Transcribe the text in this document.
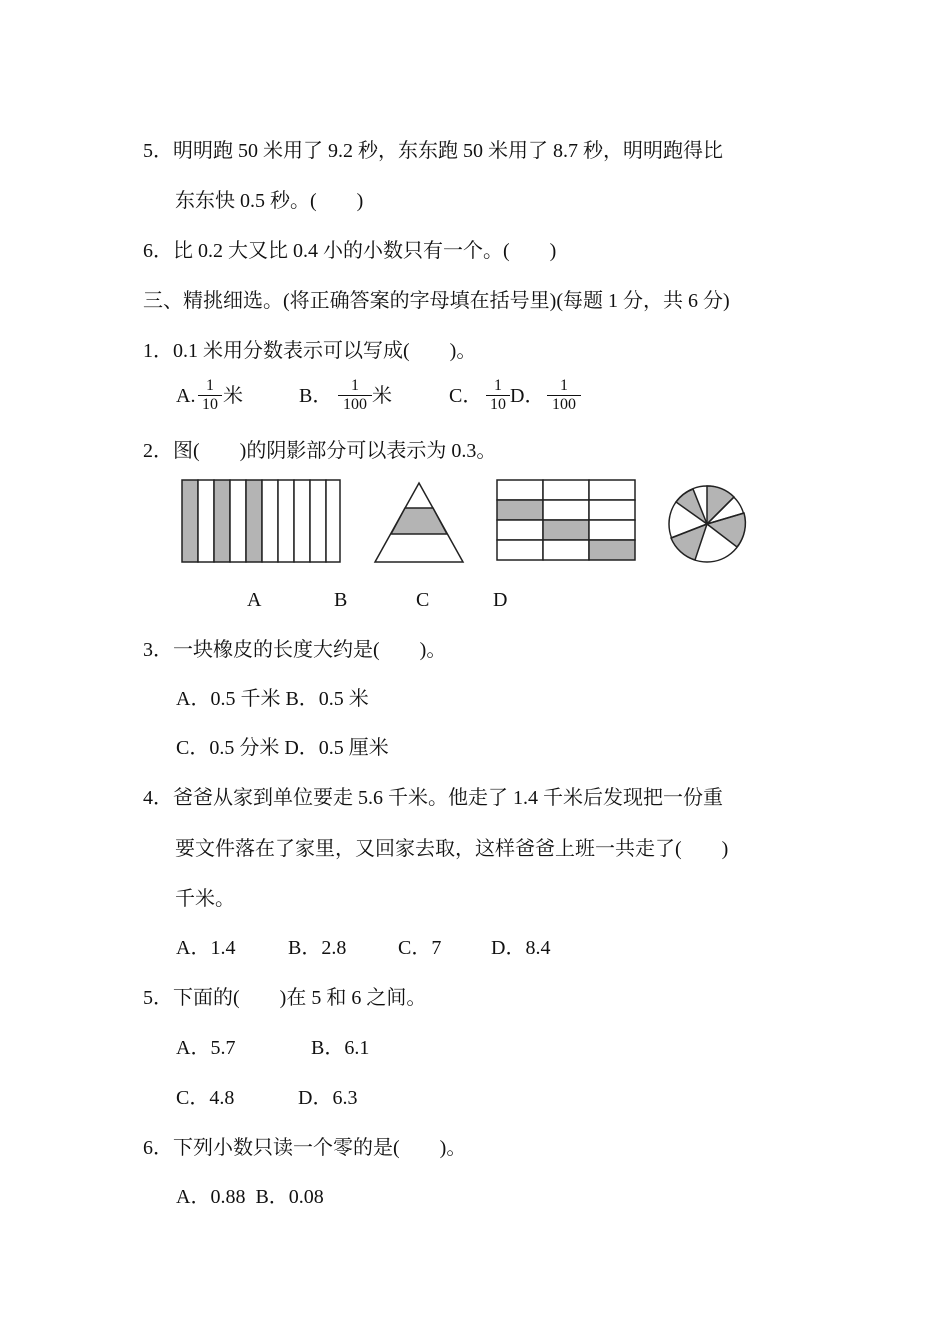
5．明明跑 50 米用了 9.2 秒，东东跑 50 米用了 8.7 秒，明明跑得比
东东快 0.5 秒。(　　)
6．比 0.2 大又比 0.4 小的小数只有一个。(　　)
三、精挑细选。(将正确答案的字母填在括号里)(每题 1 分，共 6 分)
1．0.1 米用分数表示可以写成(　　)。
A. $\frac{1}{10}$ 米	B． $\frac{1}{100}$ 米	C． $\frac{1}{10}$ D． $\frac{1}{100}$
2．图(　　)的阴影部分可以表示为 0.3。
A	B	C	D
3．一块橡皮的长度大约是(　　)。
A．0.5 千米 B．0.5 米
C．0.5 分米 D．0.5 厘米
4．爸爸从家到单位要走 5.6 千米。他走了 1.4 千米后发现把一份重
要文件落在了家里，又回家去取，这样爸爸上班一共走了(　　)
千米。
A．1.4	B．2.8	C．7 D．8.4
5．下面的(　　)在 5 和 6 之间。
A．5.7	B．6.1
C．4.8	D．6.3
6．下列小数只读一个零的是(　　)。
A．0.88  B．0.08
